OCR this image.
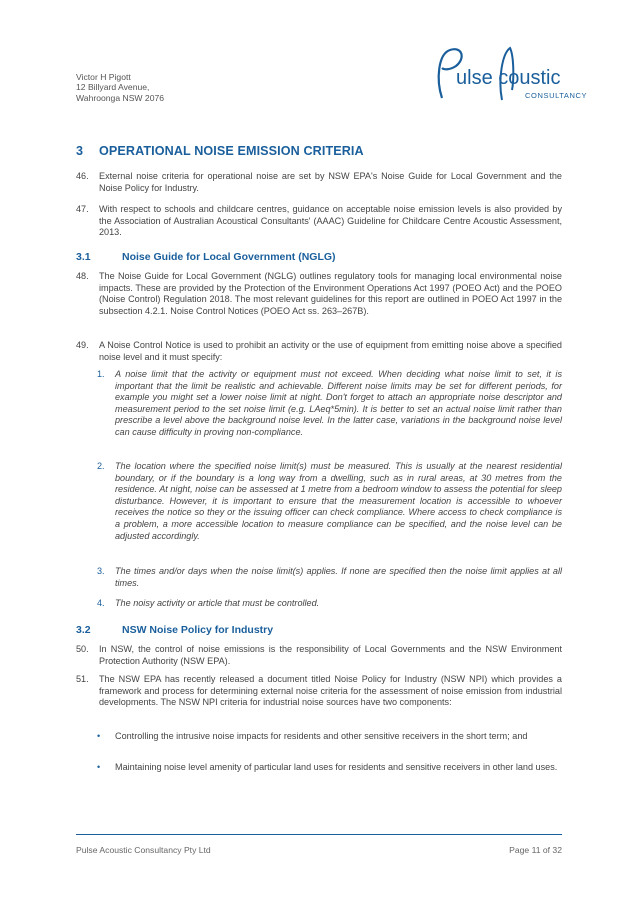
Victor H Pigott
12 Billyard Avenue,
Wahroonga NSW 2076
ulse coustic
CONSULTANCY
3 OPERATIONAL NOISE EMISSION CRITERIA
46. External noise criteria for operational noise are set by NSW EPA's Noise Guide for Local Government and the Noise Policy for Industry.
47. With respect to schools and childcare centres, guidance on acceptable noise emission levels is also provided by the Association of Australian Acoustical Consultants' (AAAC) Guideline for Childcare Centre Acoustic Assessment, 2013.
3.1	Noise Guide for Local Government (NGLG)
48. The Noise Guide for Local Government (NGLG) outlines regulatory tools for managing local environmental noise impacts. These are provided by the Protection of the Environment Operations Act 1997 (POEO Act) and the POEO (Noise Control) Regulation 2018. The most relevant guidelines for this report are outlined in POEO Act 1997 in the subsection 4.2.1. Noise Control Notices (POEO Act ss. 263–267B).
49. A Noise Control Notice is used to prohibit an activity or the use of equipment from emitting noise above a specified noise level and it must specify:
1. A noise limit that the activity or equipment must not exceed. When deciding what noise limit to set, it is important that the limit be realistic and achievable. Different noise limits may be set for different periods, for example you might set a lower noise limit at night. Don't forget to attach an appropriate noise descriptor and measurement period to the set noise limit (e.g. LAeq*5min). It is better to set an actual noise limit rather than prescribe a level above the background noise level. In the latter case, variations in the background noise level can cause difficulty in proving non-compliance.
2. The location where the specified noise limit(s) must be measured. This is usually at the nearest residential boundary, or if the boundary is a long way from a dwelling, such as in rural areas, at 30 metres from the residence. At night, noise can be assessed at 1 metre from a bedroom window to assess the potential for sleep disturbance. However, it is important to ensure that the measurement location is accessible to whoever receives the notice so they or the issuing officer can check compliance. Where access to check compliance is a problem, a more accessible location to measure compliance can be specified, and the noise level can be adjusted accordingly.
3. The times and/or days when the noise limit(s) applies. If none are specified then the noise limit applies at all times.
4. The noisy activity or article that must be controlled.
3.2	NSW Noise Policy for Industry
50. In NSW, the control of noise emissions is the responsibility of Local Governments and the NSW Environment Protection Authority (NSW EPA).
51. The NSW EPA has recently released a document titled Noise Policy for Industry (NSW NPI) which provides a framework and process for determining external noise criteria for the assessment of noise emission from industrial developments. The NSW NPI criteria for industrial noise sources have two components:
• Controlling the intrusive noise impacts for residents and other sensitive receivers in the short term; and
• Maintaining noise level amenity of particular land uses for residents and sensitive receivers in other land uses.
Pulse Acoustic Consultancy Pty Ltd	Page 11 of 32
